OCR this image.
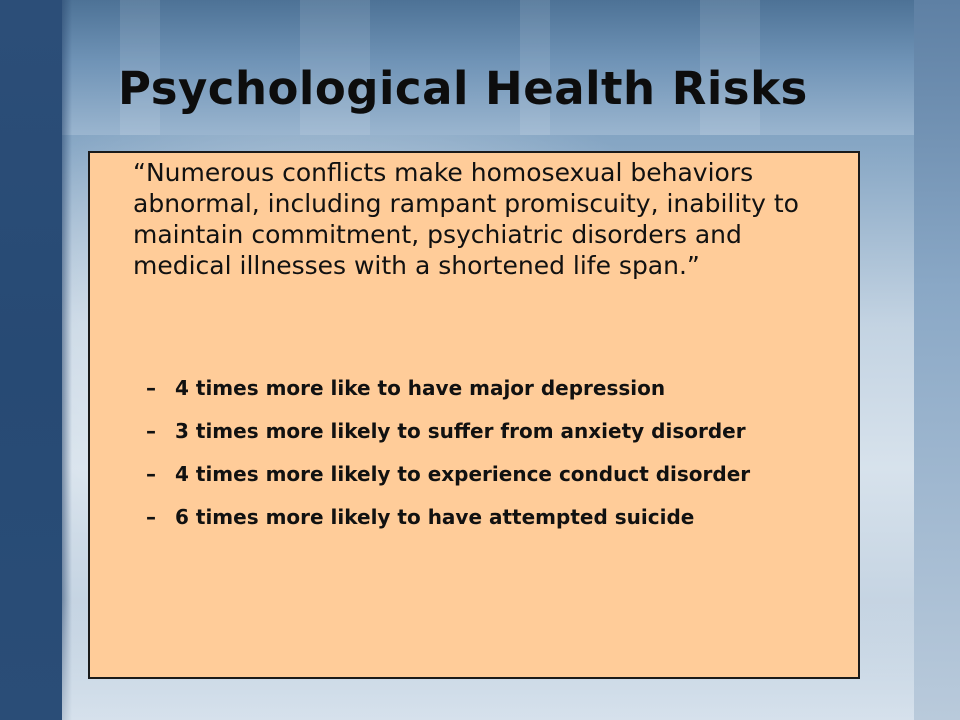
Psychological Health Risks

“Numerous conflicts make homosexual behaviors abnormal, including rampant promiscuity, inability to maintain commitment, psychiatric disorders and medical illnesses with a shortened life span.”

– 4 times more like to have major depression
– 3 times more likely to suffer from anxiety disorder
– 4 times more likely to experience conduct disorder
– 6 times more likely to have attempted suicide
